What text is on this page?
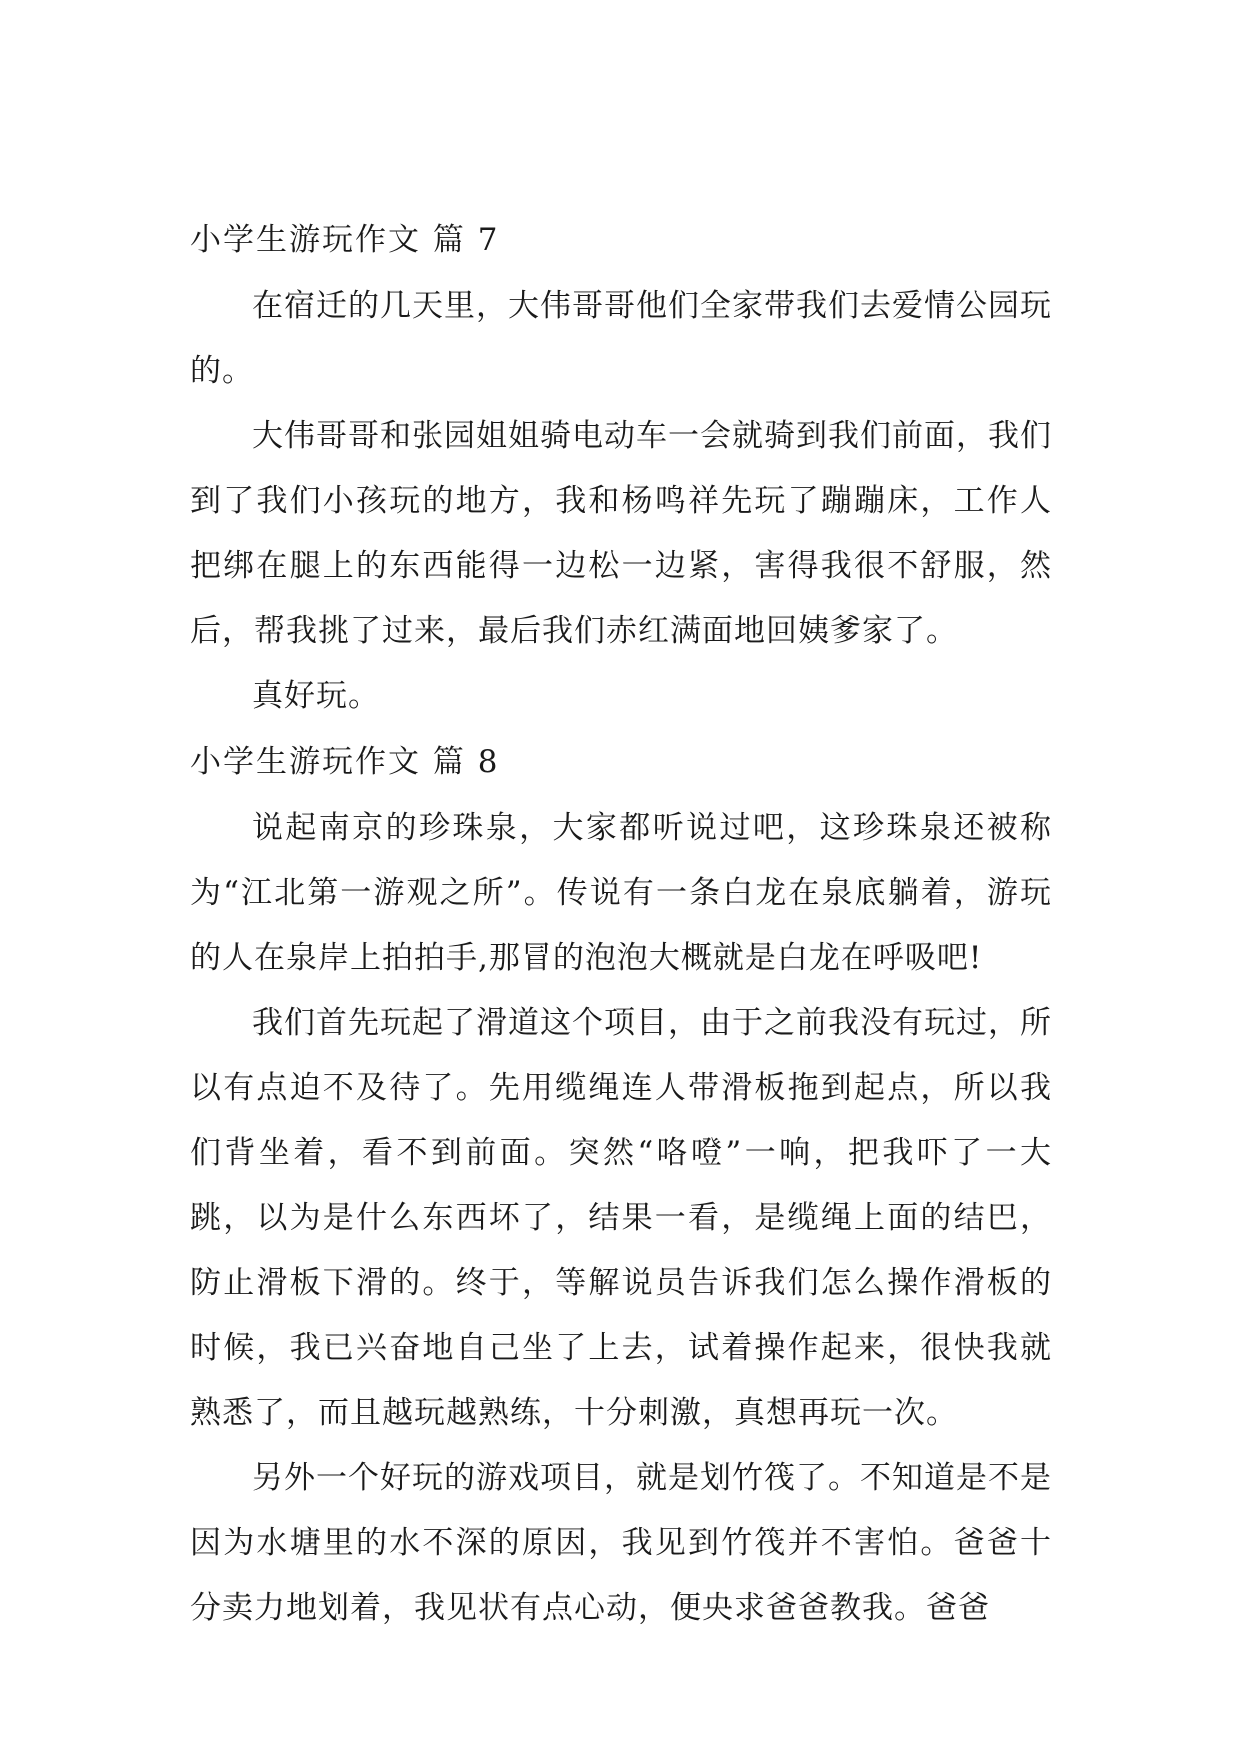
小学生游玩作文 篇 7

在宿迁的几天里，大伟哥哥他们全家带我们去爱情公园玩的。

大伟哥哥和张园姐姐骑电动车一会就骑到我们前面，我们到了我们小孩玩的地方，我和杨鸣祥先玩了蹦蹦床，工作人把绑在腿上的东西能得一边松一边紧，害得我很不舒服，然后，帮我挑了过来，最后我们赤红满面地回姨爹家了。

真好玩。

小学生游玩作文 篇 8

说起南京的珍珠泉，大家都听说过吧，这珍珠泉还被称为“江北第一游观之所”。传说有一条白龙在泉底躺着，游玩的人在泉岸上拍拍手,那冒的泡泡大概就是白龙在呼吸吧!

我们首先玩起了滑道这个项目，由于之前我没有玩过，所以有点迫不及待了。先用缆绳连人带滑板拖到起点，所以我们背坐着，看不到前面。突然“咯噔”一响，把我吓了一大跳，以为是什么东西坏了，结果一看，是缆绳上面的结巴，防止滑板下滑的。终于，等解说员告诉我们怎么操作滑板的时候，我已兴奋地自己坐了上去，试着操作起来，很快我就熟悉了，而且越玩越熟练，十分刺激，真想再玩一次。

另外一个好玩的游戏项目，就是划竹筏了。不知道是不是因为水塘里的水不深的原因，我见到竹筏并不害怕。爸爸十分卖力地划着，我见状有点心动，便央求爸爸教我。爸爸
